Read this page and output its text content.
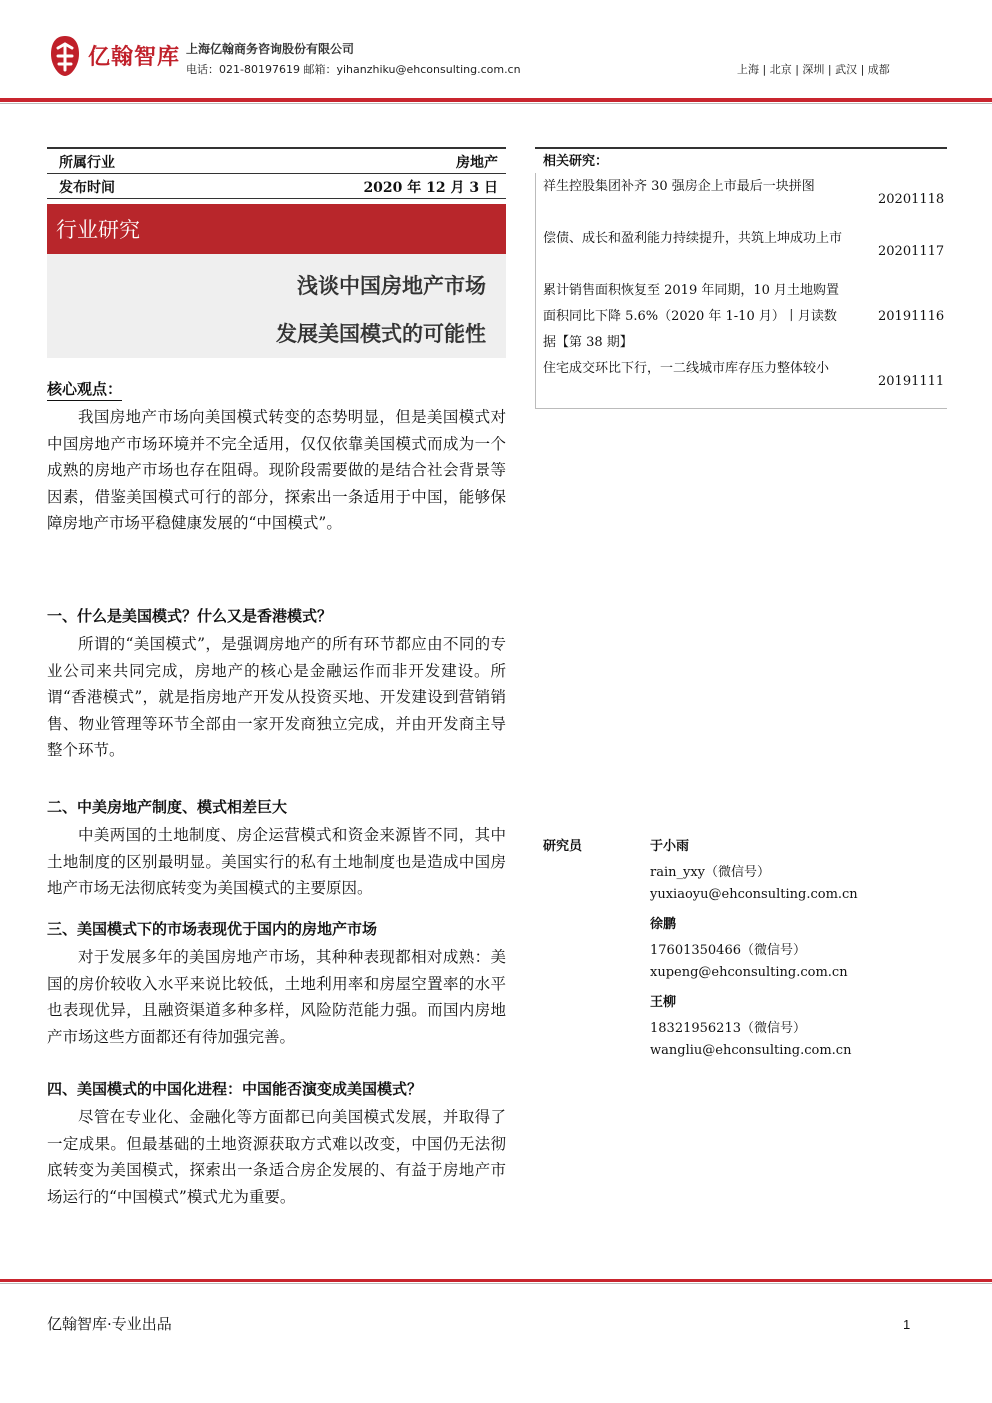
亿翰智库 上海亿翰商务咨询股份有限公司
电话：021-80197619 邮箱：yihanzhiku@ehconsulting.com.cn	上海 | 北京 | 深圳 | 武汉 | 成都
所属行业	房地产
发布时间	2020 年 12 月 3 日
行业研究
浅谈中国房地产市场
发展美国模式的可能性
核心观点：
我国房地产市场向美国模式转变的态势明显，但是美国模式对中国房地产市场环境并不完全适用，仅仅依靠美国模式而成为一个成熟的房地产市场也存在阻碍。现阶段需要做的是结合社会背景等因素，借鉴美国模式可行的部分，探索出一条适用于中国，能够保障房地产市场平稳健康发展的“中国模式”。
一、什么是美国模式？什么又是香港模式？
所谓的“美国模式”，是强调房地产的所有环节都应由不同的专业公司来共同完成，房地产的核心是金融运作而非开发建设。所谓“香港模式”，就是指房地产开发从投资买地、开发建设到营销销售、物业管理等环节全部由一家开发商独立完成，并由开发商主导整个环节。
二、中美房地产制度、模式相差巨大
中美两国的土地制度、房企运营模式和资金来源皆不同，其中土地制度的区别最明显。美国实行的私有土地制度也是造成中国房地产市场无法彻底转变为美国模式的主要原因。
三、美国模式下的市场表现优于国内的房地产市场
对于发展多年的美国房地产市场，其种种表现都相对成熟：美国的房价较收入水平来说比较低，土地利用率和房屋空置率的水平也表现优异，且融资渠道多种多样，风险防范能力强。而国内房地产市场这些方面都还有待加强完善。
四、美国模式的中国化进程：中国能否演变成美国模式？
尽管在专业化、金融化等方面都已向美国模式发展，并取得了一定成果。但最基础的土地资源获取方式难以改变，中国仍无法彻底转变为美国模式，探索出一条适合房企发展的、有益于房地产市场运行的“中国模式”模式尤为重要。
相关研究：
祥生控股集团补齐 30 强房企上市最后一块拼图
20201118
偿债、成长和盈利能力持续提升，共筑上坤成功上市
20201117
累计销售面积恢复至 2019 年同期，10 月土地购置面积同比下降 5.6%（2020 年 1-10 月）丨月读数据【第 38 期】
20191116
住宅成交环比下行，一二线城市库存压力整体较小
20191111
研究员	于小雨
rain_yxy（微信号）
yuxiaoyu@ehconsulting.com.cn
徐鹏
17601350466（微信号）
xupeng@ehconsulting.com.cn
王柳
18321956213（微信号）
wangliu@ehconsulting.com.cn
亿翰智库·专业出品	1
